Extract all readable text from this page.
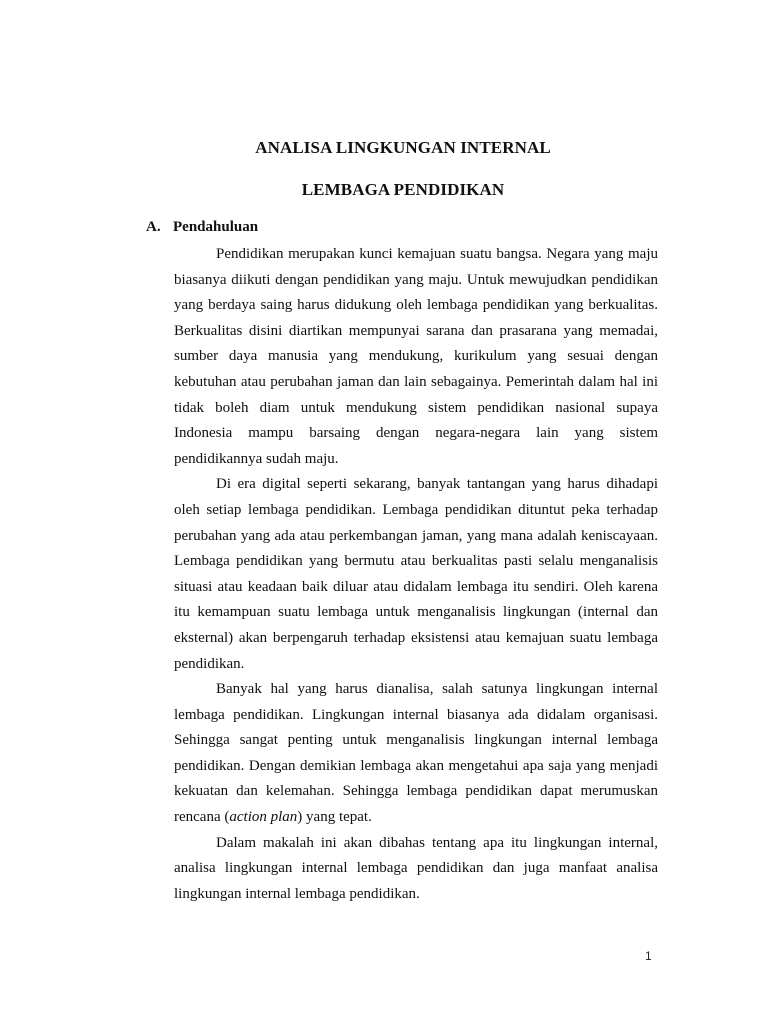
ANALISA LINGKUNGAN INTERNAL
LEMBAGA PENDIDIKAN
A. Pendahuluan

Pendidikan merupakan kunci kemajuan suatu bangsa. Negara yang maju biasanya diikuti dengan pendidikan yang maju. Untuk mewujudkan pendidikan yang berdaya saing harus didukung oleh lembaga pendidikan yang berkualitas. Berkualitas disini diartikan mempunyai sarana dan prasarana yang memadai, sumber daya manusia yang mendukung, kurikulum yang sesuai dengan kebutuhan atau perubahan jaman dan lain sebagainya. Pemerintah dalam hal ini tidak boleh diam untuk mendukung sistem pendidikan nasional supaya Indonesia mampu barsaing dengan negara-negara lain yang sistem pendidikannya sudah maju.

Di era digital seperti sekarang, banyak tantangan yang harus dihadapi oleh setiap lembaga pendidikan. Lembaga pendidikan dituntut peka terhadap perubahan yang ada atau perkembangan jaman, yang mana adalah keniscayaan. Lembaga pendidikan yang bermutu atau berkualitas pasti selalu menganalisis situasi atau keadaan baik diluar atau didalam lembaga itu sendiri. Oleh karena itu kemampuan suatu lembaga untuk menganalisis lingkungan (internal dan eksternal) akan berpengaruh terhadap eksistensi atau kemajuan suatu lembaga pendidikan.

Banyak hal yang harus dianalisa, salah satunya lingkungan internal lembaga pendidikan. Lingkungan internal biasanya ada didalam organisasi. Sehingga sangat penting untuk menganalisis lingkungan internal lembaga pendidikan. Dengan demikian lembaga akan mengetahui apa saja yang menjadi kekuatan dan kelemahan. Sehingga lembaga pendidikan dapat merumuskan rencana (action plan) yang tepat.

Dalam makalah ini akan dibahas tentang apa itu lingkungan internal, analisa lingkungan internal lembaga pendidikan dan juga manfaat analisa lingkungan internal lembaga pendidikan.

1
